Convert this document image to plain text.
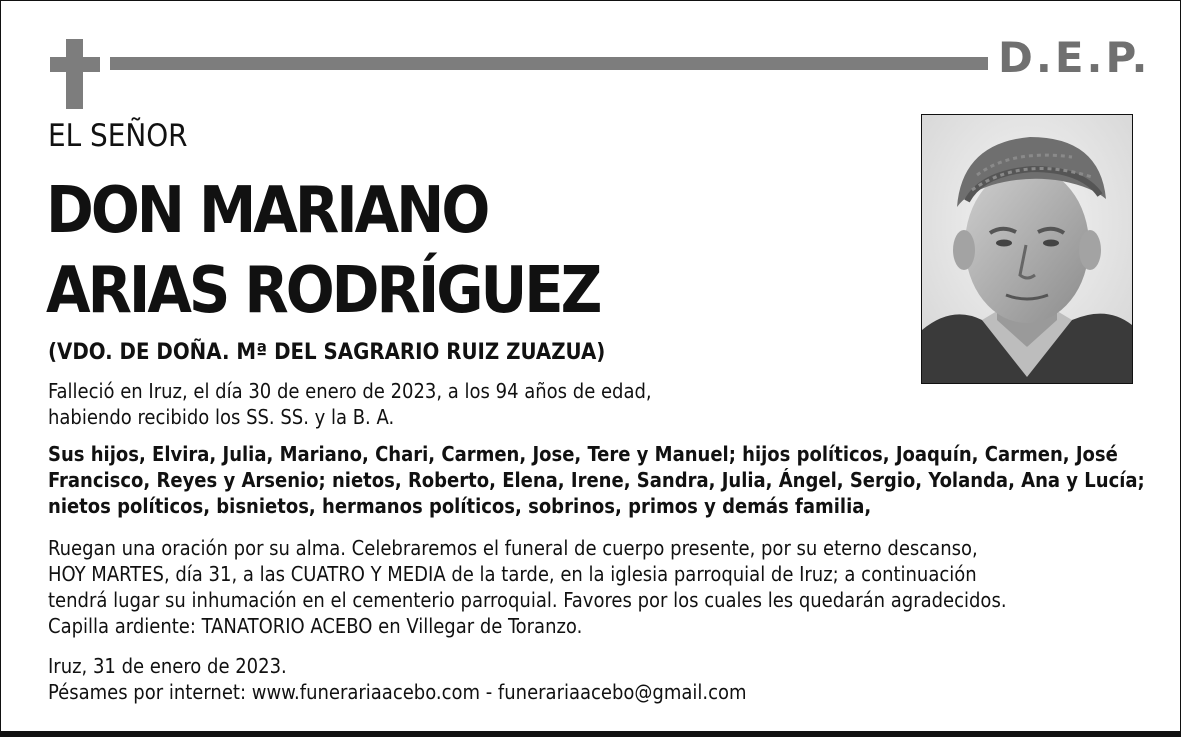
D.E.P.
EL SEÑOR
DON MARIANO
ARIAS RODRÍGUEZ
(VDO. DE DOÑA. Mª DEL SAGRARIO RUIZ ZUAZUA)
Falleció en Iruz, el día 30 de enero de 2023, a los 94 años de edad,
habiendo recibido los SS. SS. y la B. A.
Sus hijos, Elvira, Julia, Mariano, Chari, Carmen, Jose, Tere y Manuel; hijos políticos, Joaquín, Carmen, José
Francisco, Reyes y Arsenio; nietos, Roberto, Elena, Irene, Sandra, Julia, Ángel, Sergio, Yolanda, Ana y Lucía;
nietos políticos, bisnietos, hermanos políticos, sobrinos, primos y demás familia,
Ruegan una oración por su alma. Celebraremos el funeral de cuerpo presente, por su eterno descanso,
HOY MARTES, día 31, a las CUATRO Y MEDIA de la tarde, en la iglesia parroquial de Iruz; a continuación
tendrá lugar su inhumación en el cementerio parroquial. Favores por los cuales les quedarán agradecidos.
Capilla ardiente: TANATORIO ACEBO en Villegar de Toranzo.
Iruz, 31 de enero de 2023.
Pésames por internet: www.funerariaacebo.com - funerariaacebo@gmail.com
